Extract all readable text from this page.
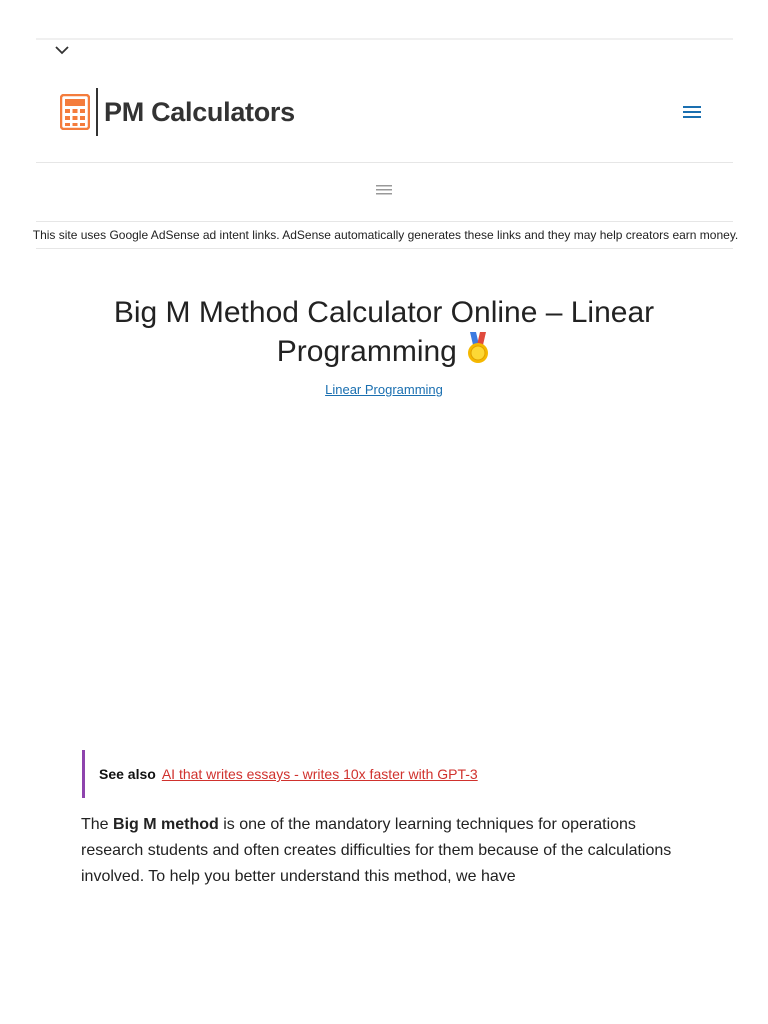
PM Calculators
This site uses Google AdSense ad intent links. AdSense automatically generates these links and they may help creators earn money.
Big M Method Calculator Online – Linear Programming
Linear Programming
See also AI that writes essays - writes 10x faster with GPT-3

The Big M method is one of the mandatory learning techniques for operations research students and often creates difficulties for them because of the calculations involved. To help you better understand this method, we have
